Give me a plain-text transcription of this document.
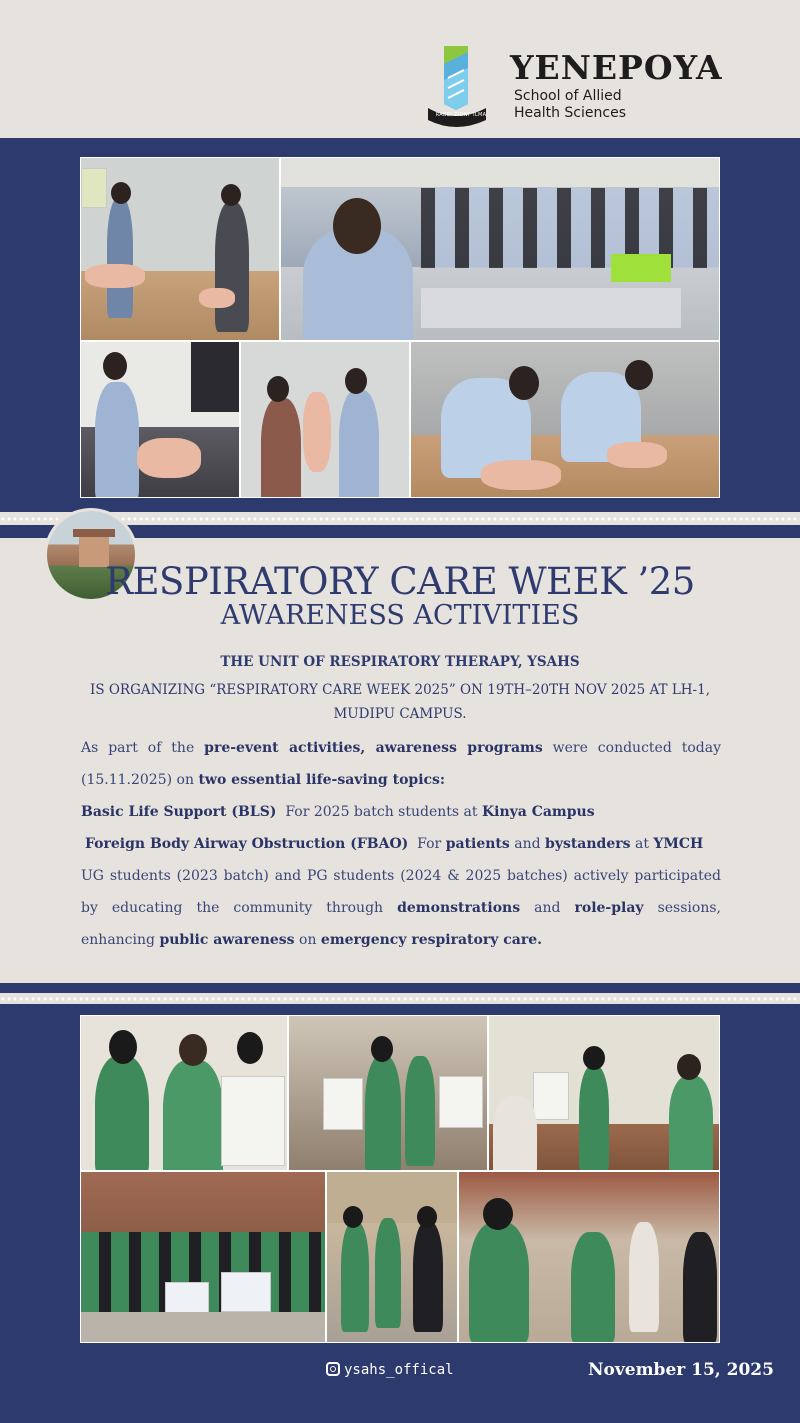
RABBI ZIDNI 'ILMA
YENEPOYA
School of Allied
Health Sciences
RESPIRATORY CARE WEEK ’25
AWARENESS ACTIVITIES
THE UNIT OF RESPIRATORY THERAPY, YSAHS
IS ORGANIZING “RESPIRATORY CARE WEEK 2025” ON 19TH–20TH NOV 2025 AT LH-1,
MUDIPU CAMPUS.
As part of the pre-event activities, awareness programs were conducted today (15.11.2025) on two essential life-saving topics:
Basic Life Support (BLS)  For 2025 batch students at Kinya Campus
Foreign Body Airway Obstruction (FBAO)  For patients and bystanders at YMCH
UG students (2023 batch) and PG students (2024 & 2025 batches) actively participated by educating the community through demonstrations and role-play sessions, enhancing public awareness on emergency respiratory care.
ysahs_offical	November 15, 2025
